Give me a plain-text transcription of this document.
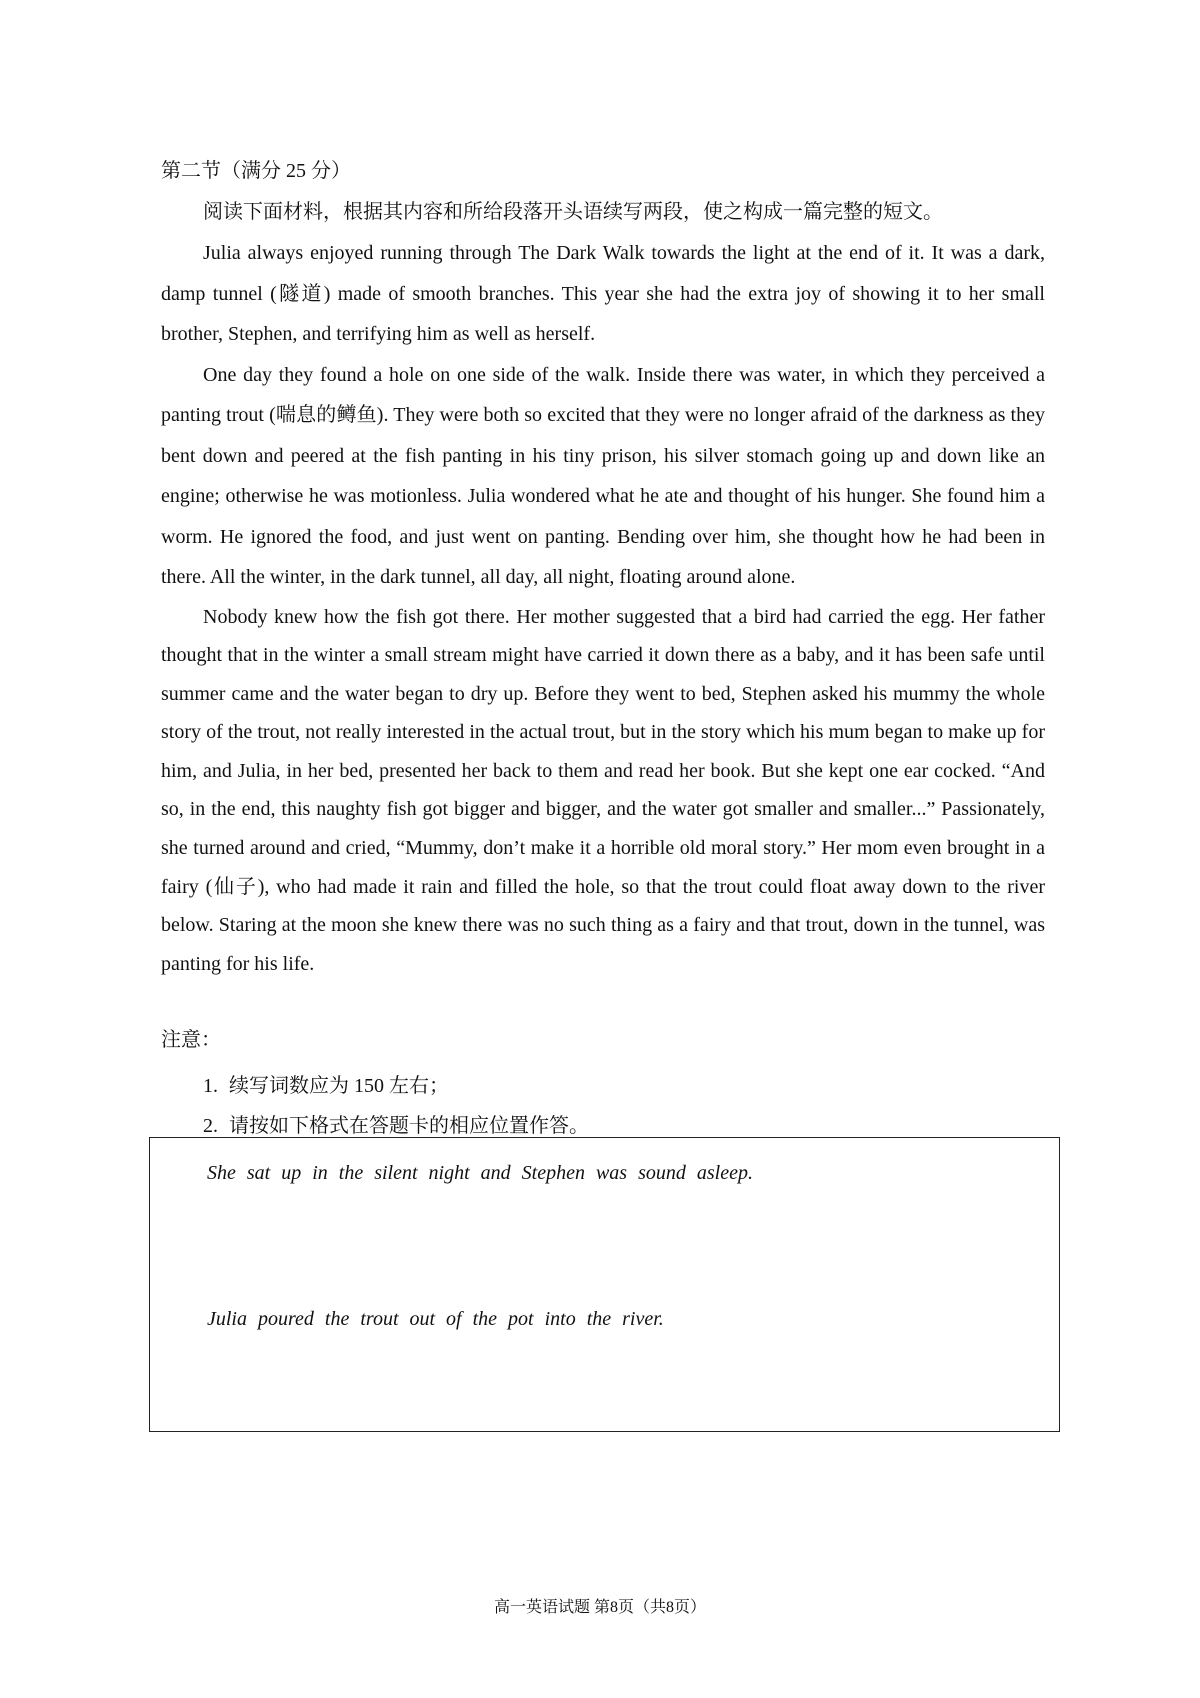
第二节（满分 25 分）
阅读下面材料，根据其内容和所给段落开头语续写两段，使之构成一篇完整的短文。

Julia always enjoyed running through The Dark Walk towards the light at the end of it. It was a dark, damp tunnel (隧道) made of smooth branches. This year she had the extra joy of showing it to her small brother, Stephen, and terrifying him as well as herself.

One day they found a hole on one side of the walk. Inside there was water, in which they perceived a panting trout (喘息的鳟鱼). They were both so excited that they were no longer afraid of the darkness as they bent down and peered at the fish panting in his tiny prison, his silver stomach going up and down like an engine; otherwise he was motionless. Julia wondered what he ate and thought of his hunger. She found him a worm. He ignored the food, and just went on panting. Bending over him, she thought how he had been in there. All the winter, in the dark tunnel, all day, all night, floating around alone.

Nobody knew how the fish got there. Her mother suggested that a bird had carried the egg. Her father thought that in the winter a small stream might have carried it down there as a baby, and it has been safe until summer came and the water began to dry up. Before they went to bed, Stephen asked his mummy the whole story of the trout, not really interested in the actual trout, but in the story which his mum began to make up for him, and Julia, in her bed, presented her back to them and read her book. But she kept one ear cocked. “And so, in the end, this naughty fish got bigger and bigger, and the water got smaller and smaller...” Passionately, she turned around and cried, “Mummy, don’t make it a horrible old moral story.” Her mom even brought in a fairy (仙子), who had made it rain and filled the hole, so that the trout could float away down to the river below. Staring at the moon she knew there was no such thing as a fairy and that trout, down in the tunnel, was panting for his life.

注意：
1. 续写词数应为 150 左右；
2. 请按如下格式在答题卡的相应位置作答。
She sat up in the silent night and Stephen was sound asleep.
Julia poured the trout out of the pot into the river.
高一英语试题 第8页（共8页）
